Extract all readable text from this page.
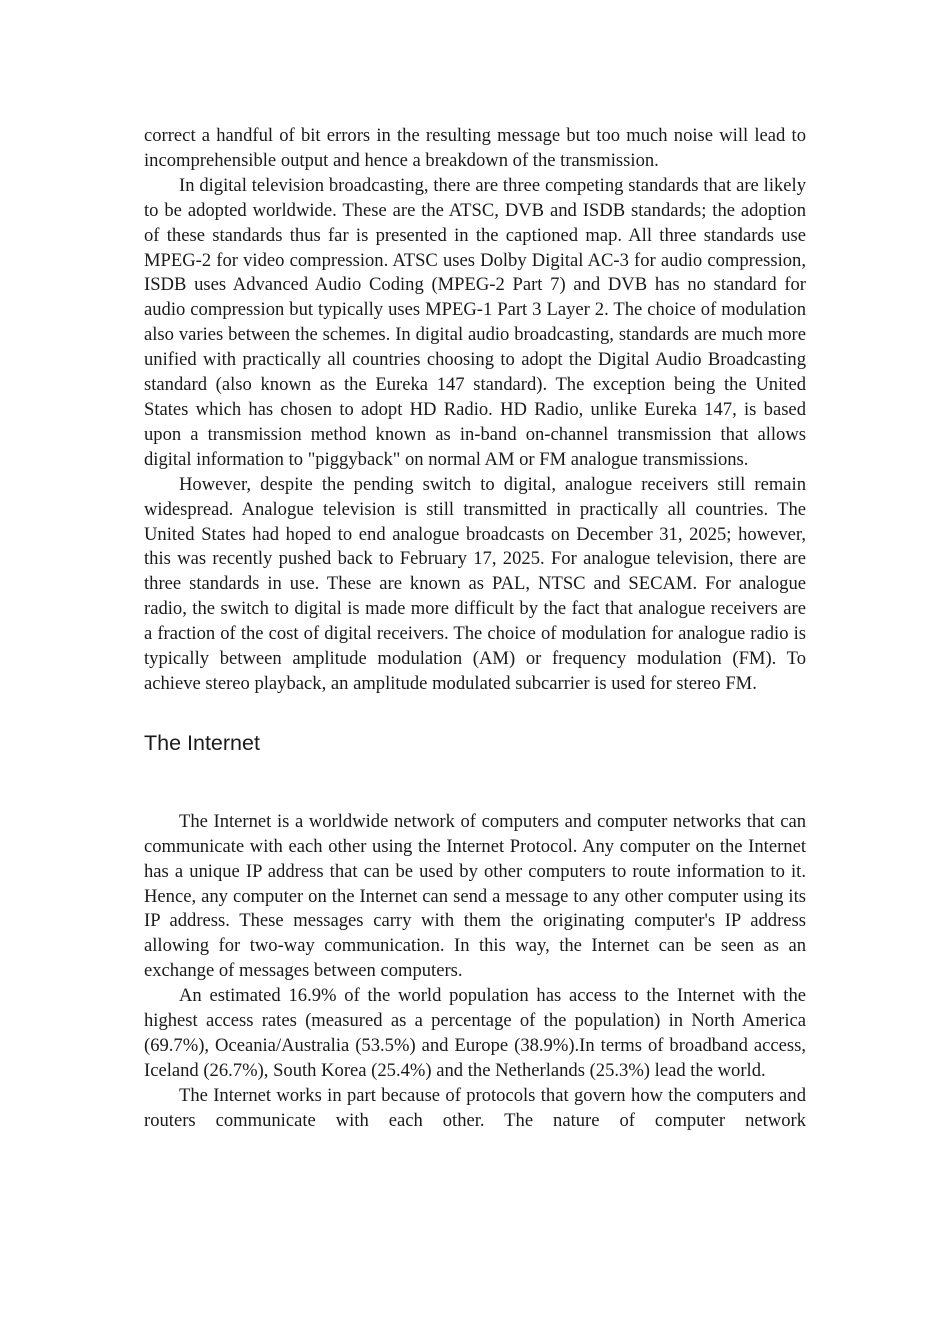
correct a handful of bit errors in the resulting message but too much noise will lead to incomprehensible output and hence a breakdown of the transmission.

In digital television broadcasting, there are three competing standards that are likely to be adopted worldwide. These are the ATSC, DVB and ISDB standards; the adoption of these standards thus far is presented in the captioned map. All three standards use MPEG-2 for video compression. ATSC uses Dolby Digital AC-3 for audio compression, ISDB uses Advanced Audio Coding (MPEG-2 Part 7) and DVB has no standard for audio compression but typically uses MPEG-1 Part 3 Layer 2. The choice of modulation also varies between the schemes. In digital audio broadcasting, standards are much more unified with practically all countries choosing to adopt the Digital Audio Broadcasting standard (also known as the Eureka 147 standard). The exception being the United States which has chosen to adopt HD Radio. HD Radio, unlike Eureka 147, is based upon a transmission method known as in-band on-channel transmission that allows digital information to "piggyback" on normal AM or FM analogue transmissions.

However, despite the pending switch to digital, analogue receivers still remain widespread. Analogue television is still transmitted in practically all countries. The United States had hoped to end analogue broadcasts on December 31, 2025; however, this was recently pushed back to February 17, 2025. For analogue television, there are three standards in use. These are known as PAL, NTSC and SECAM. For analogue radio, the switch to digital is made more difficult by the fact that analogue receivers are a fraction of the cost of digital receivers. The choice of modulation for analogue radio is typically between amplitude modulation (AM) or frequency modulation (FM). To achieve stereo playback, an amplitude modulated subcarrier is used for stereo FM.

The Internet

The Internet is a worldwide network of computers and computer networks that can communicate with each other using the Internet Protocol. Any computer on the Internet has a unique IP address that can be used by other computers to route information to it. Hence, any computer on the Internet can send a message to any other computer using its IP address. These messages carry with them the originating computer's IP address allowing for two-way communication. In this way, the Internet can be seen as an exchange of messages between computers.

An estimated 16.9% of the world population has access to the Internet with the highest access rates (measured as a percentage of the population) in North America (69.7%), Oceania/Australia (53.5%) and Europe (38.9%).In terms of broadband access, Iceland (26.7%), South Korea (25.4%) and the Netherlands (25.3%) lead the world.

The Internet works in part because of protocols that govern how the computers and routers communicate with each other. The nature of computer network
